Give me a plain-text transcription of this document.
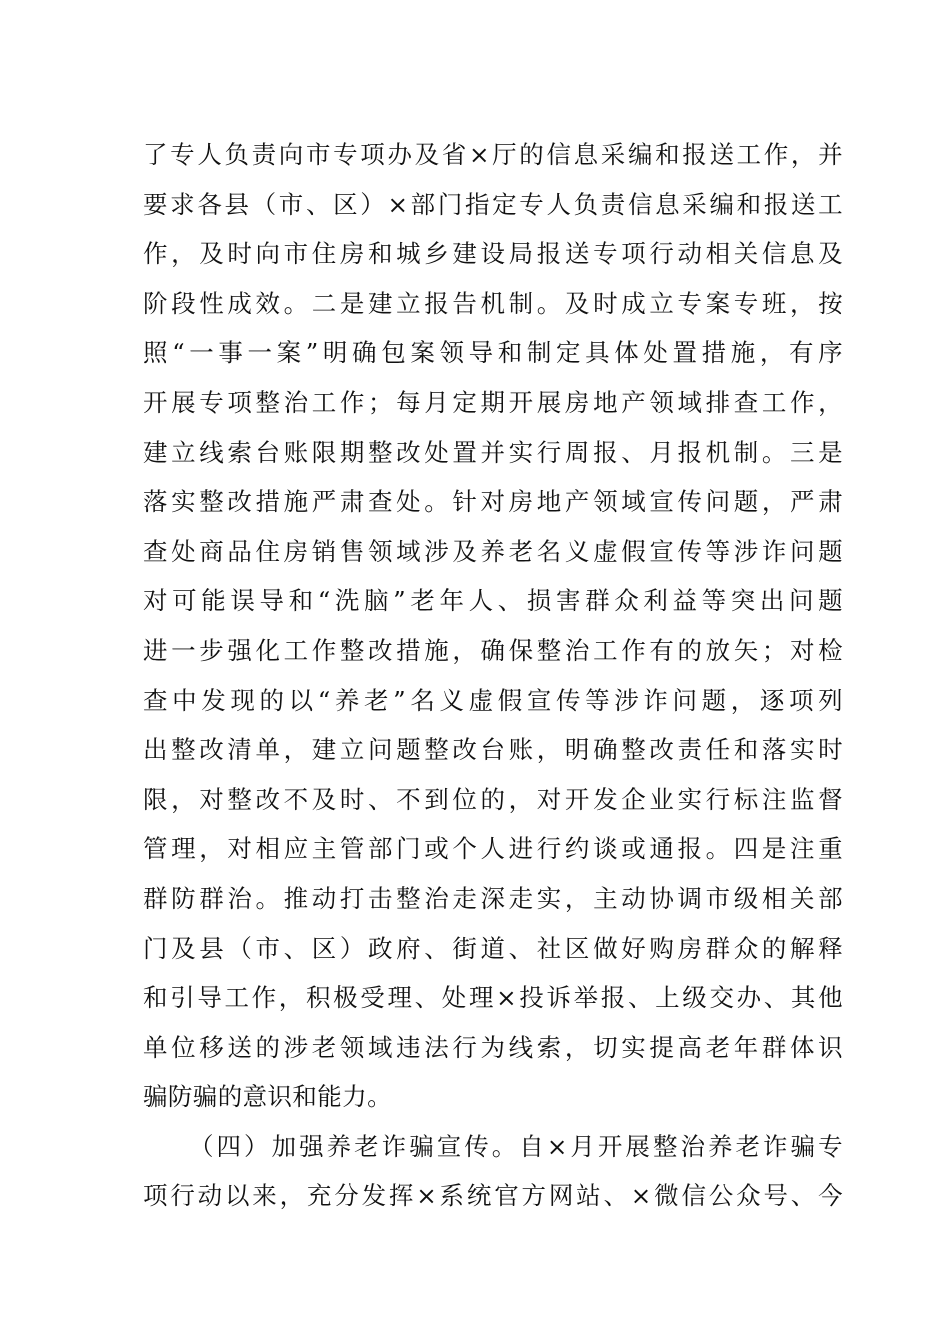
了专人负责向市专项办及省×厅的信息采编和报送工作，并
要求各县（市、区）×部门指定专人负责信息采编和报送工
作，及时向市住房和城乡建设局报送专项行动相关信息及
阶段性成效。二是建立报告机制。及时成立专案专班，按
照“一事一案”明确包案领导和制定具体处置措施，有序
开展专项整治工作；每月定期开展房地产领域排查工作，
建立线索台账限期整改处置并实行周报、月报机制。三是
落实整改措施严肃查处。针对房地产领域宣传问题，严肃
查处商品住房销售领域涉及养老名义虚假宣传等涉诈问题
对可能误导和“洗脑”老年人、损害群众利益等突出问题
进一步强化工作整改措施，确保整治工作有的放矢；对检
查中发现的以“养老”名义虚假宣传等涉诈问题，逐项列
出整改清单，建立问题整改台账，明确整改责任和落实时
限，对整改不及时、不到位的，对开发企业实行标注监督
管理，对相应主管部门或个人进行约谈或通报。四是注重
群防群治。推动打击整治走深走实，主动协调市级相关部
门及县（市、区）政府、街道、社区做好购房群众的解释
和引导工作，积极受理、处理×投诉举报、上级交办、其他
单位移送的涉老领域违法行为线索，切实提高老年群体识
骗防骗的意识和能力。
（四）加强养老诈骗宣传。自×月开展整治养老诈骗专
项行动以来，充分发挥×系统官方网站、×微信公众号、今
